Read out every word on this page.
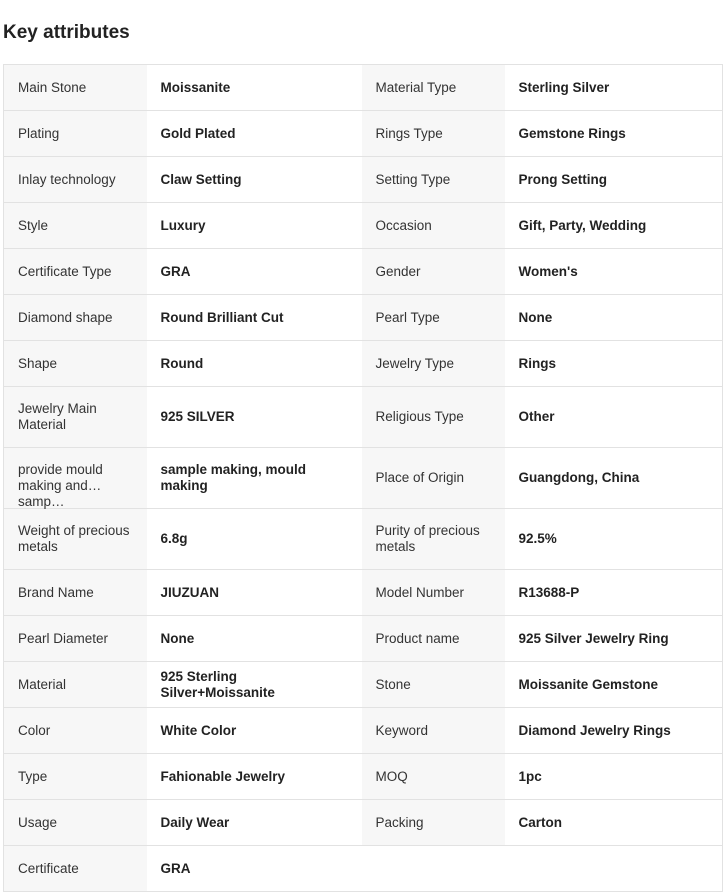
Key attributes
Main Stone	Moissanite	Material Type	Sterling Silver
Plating	Gold Plated	Rings Type	Gemstone Rings
Inlay technology	Claw Setting	Setting Type	Prong Setting
Style	Luxury	Occasion	Gift, Party, Wedding
Certificate Type	GRA	Gender	Women's
Diamond shape	Round Brilliant Cut	Pearl Type	None
Shape	Round	Jewelry Type	Rings

Jewelry Main Material	925 SILVER	Religious Type	Other

provide mould making and samp…	sample making, mould making	Place of Origin	Guangdong, China

Weight of precious metals	6.8g	Purity of precious metals	92.5%
Brand Name	JIUZUAN	Model Number	R13688-P
Pearl Diameter	None	Product name	925 Silver Jewelry Ring
Material	925 Sterling Silver+Moissanite	Stone	Moissanite Gemstone
Color	White Color	Keyword	Diamond Jewelry Rings
Type	Fahionable Jewelry	MOQ	1pc
Usage	Daily Wear	Packing	Carton
Certificate	GRA		
